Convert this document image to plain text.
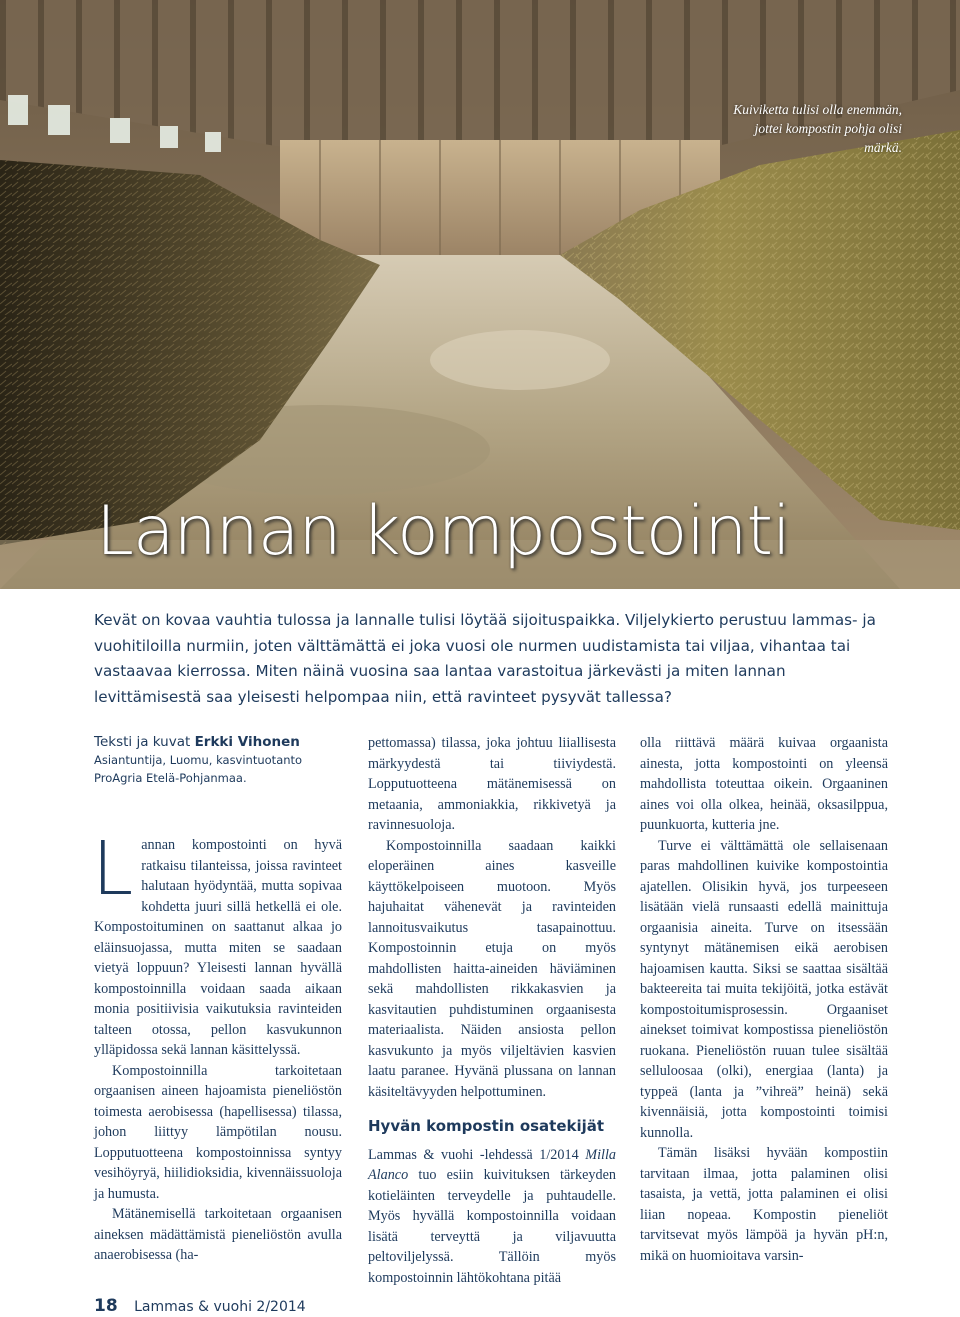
Kuiviketta tulisi olla enemmän, jottei kompostin pohja olisi märkä.
Lannan kompostointi

Kevät on kovaa vauhtia tulossa ja lannalle tulisi löytää sijoituspaikka. Viljelykierto perustuu lammas- ja vuohitiloilla nurmiin, joten välttämättä ei joka vuosi ole nurmen uudistamista tai viljaa, vihantaa tai vastaavaa kierrossa. Miten näinä vuosina saa lantaa varastoitua järkevästi ja miten lannan levittämisestä saa yleisesti helpompaa niin, että ravinteet pysyvät tallessa?

Teksti ja kuvat Erkki Vihonen
Asiantuntija, Luomu, kasvintuotanto
ProAgria Etelä-Pohjanmaa.

Lannan kompostointi on hyvä ratkaisu tilanteissa, joissa ravinteet halutaan hyödyntää, mutta sopivaa kohdetta juuri sillä hetkellä ei ole. Kompostoituminen on saattanut alkaa jo eläinsuojassa, mutta miten se saadaan vietyä loppuun? Yleisesti lannan hyvällä kompostoinnilla voidaan saada aikaan monia positiivisia vaikutuksia ravinteiden talteen otossa, pellon kasvukunnon ylläpidossa sekä lannan käsittelyssä.

Kompostoinnilla tarkoitetaan orgaanisen aineen hajoamista pieneliöstön toimesta aerobisessa (hapellisessa) tilassa, johon liittyy lämpötilan nousu. Lopputuotteena kompostoinnissa syntyy vesihöyryä, hiilidioksidia, kivennäissuoloja ja humusta.

Mätänemisellä tarkoitetaan orgaanisen aineksen mädättämistä pieneliöstön avulla anaerobisessa (ha-

pettomassa) tilassa, joka johtuu liiallisesta märkyydestä tai tiiviydestä. Lopputuotteena mätänemisessä on metaania, ammoniakkia, rikkivetyä ja ravinnesuoloja.

Kompostoinnilla saadaan kaikki eloperäinen aines kasveille käyttökelpoiseen muotoon. Myös hajuhaitat vähenevät ja ravinteiden lannoitusvaikutus tasapainottuu. Kompostoinnin etuja on myös mahdollisten haitta-aineiden häviäminen sekä mahdollisten rikkakasvien ja kasvitautien puhdistuminen orgaanisesta materiaalista. Näiden ansiosta pellon kasvukunto ja myös viljeltävien kasvien laatu paranee. Hyvänä plussana on lannan käsiteltävyyden helpottuminen.

Hyvän kompostin osatekijät

Lammas & vuohi -lehdessä 1/2014 Milla Alanco tuo esiin kuivituksen tärkeyden kotieläinten terveydelle ja puhtaudelle. Myös hyvällä kompostoinnilla voidaan lisätä terveyttä ja viljavuutta peltoviljelyssä. Tällöin myös kompostoinnin lähtökohtana pitää

olla riittävä määrä kuivaa orgaanista ainesta, jotta kompostointi on yleensä mahdollista toteuttaa oikein. Orgaaninen aines voi olla olkea, heinää, oksasilppua, puunkuorta, kutteria jne.

Turve ei välttämättä ole sellaisenaan paras mahdollinen kuivike kompostointia ajatellen. Olisikin hyvä, jos turpeeseen lisätään vielä runsaasti edellä mainittuja orgaanisia aineita. Turve on itsessään syntynyt mätänemisen eikä aerobisen hajoamisen kautta. Siksi se saattaa sisältää bakteereita tai muita tekijöitä, jotka estävät kompostoitumisprosessin. Orgaaniset ainekset toimivat kompostissa pieneliöstön ruokana. Pieneliöstön ruuan tulee sisältää selluloosaa (olki), energiaa (lanta) ja typpeä (lanta ja ”vihreä” heinä) sekä kivennäisiä, jotta kompostointi toimisi kunnolla.

Tämän lisäksi hyvään kompostiin tarvitaan ilmaa, jotta palaminen olisi tasaista, ja vettä, jotta palaminen ei olisi liian nopeaa. Kompostin pieneliöt tarvitsevat myös lämpöä ja hyvän pH:n, mikä on huomioitava varsin-

18 Lammas & vuohi 2/2014
